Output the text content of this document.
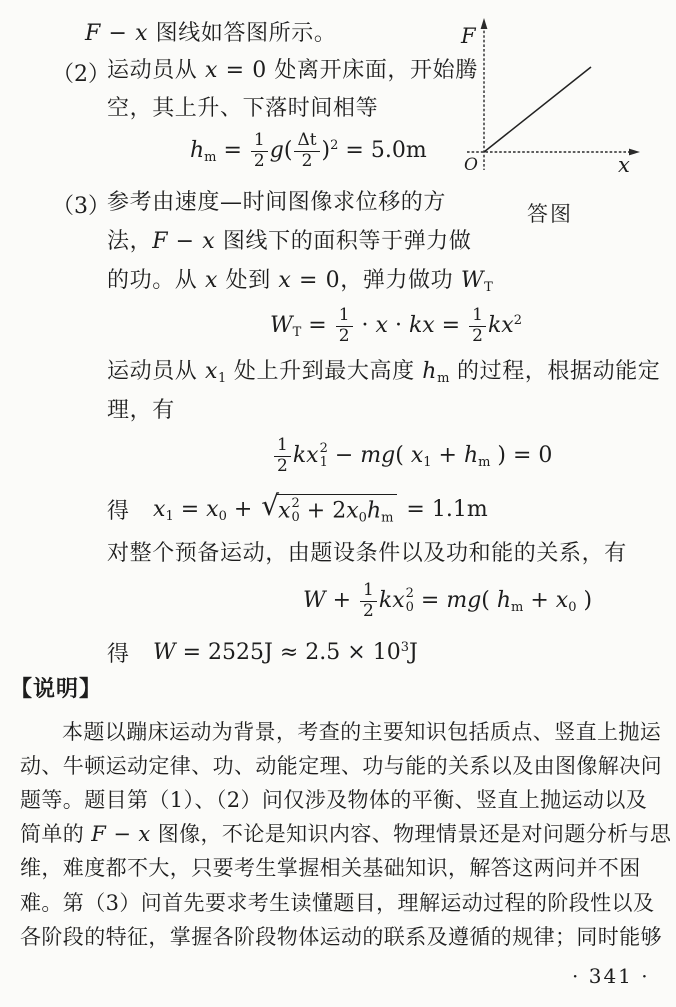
F − x 图线如答图所示。
（2）
运动员从 x = 0 处离开床面，开始腾
空，其上升、下落时间相等
hm = $\frac{1}{2} g( \frac{\Delta t}{2} )^2 = 5.0m$
F
O	x
答图
（3）
参考由速度—时间图像求位移的方
法，F − x 图线下的面积等于弹力做
的功。从 x 处到 x = 0，弹力做功 WT
WT = $\frac{1}{2} \cdot x$ · kx = $\frac{1}{2} kx^2$
运动员从 x1 处上升到最大高度 hm 的过程，根据动能定
理，有
$\frac{1}{2}$ kx 2
1 − mg( x1 + hm ) = 0
得 x1 = x0 + √ x 2
0 + 2x0hm = 1.1m
对整个预备运动，由题设条件以及功和能的关系，有
$W + \frac{1}{2}$ kx 2
0 = mg( hm + x0 )
得 $W = 2525J \approx 2.5 \times 10^3J$
【说明】
本题以蹦床运动为背景，考查的主要知识包括质点、竖直上抛运
动、牛顿运动定律、功、动能定理、功与能的关系以及由图像解决问
题等。题目第（1）、（2）问仅涉及物体的平衡、竖直上抛运动以及
简单的 F − x 图像，不论是知识内容、物理情景还是对问题分析与思
维，难度都不大，只要考生掌握相关基础知识，解答这两问并不困
难。第（3）问首先要求考生读懂题目，理解运动过程的阶段性以及
各阶段的特征，掌握各阶段物体运动的联系及遵循的规律；同时能够
· 341 ·
